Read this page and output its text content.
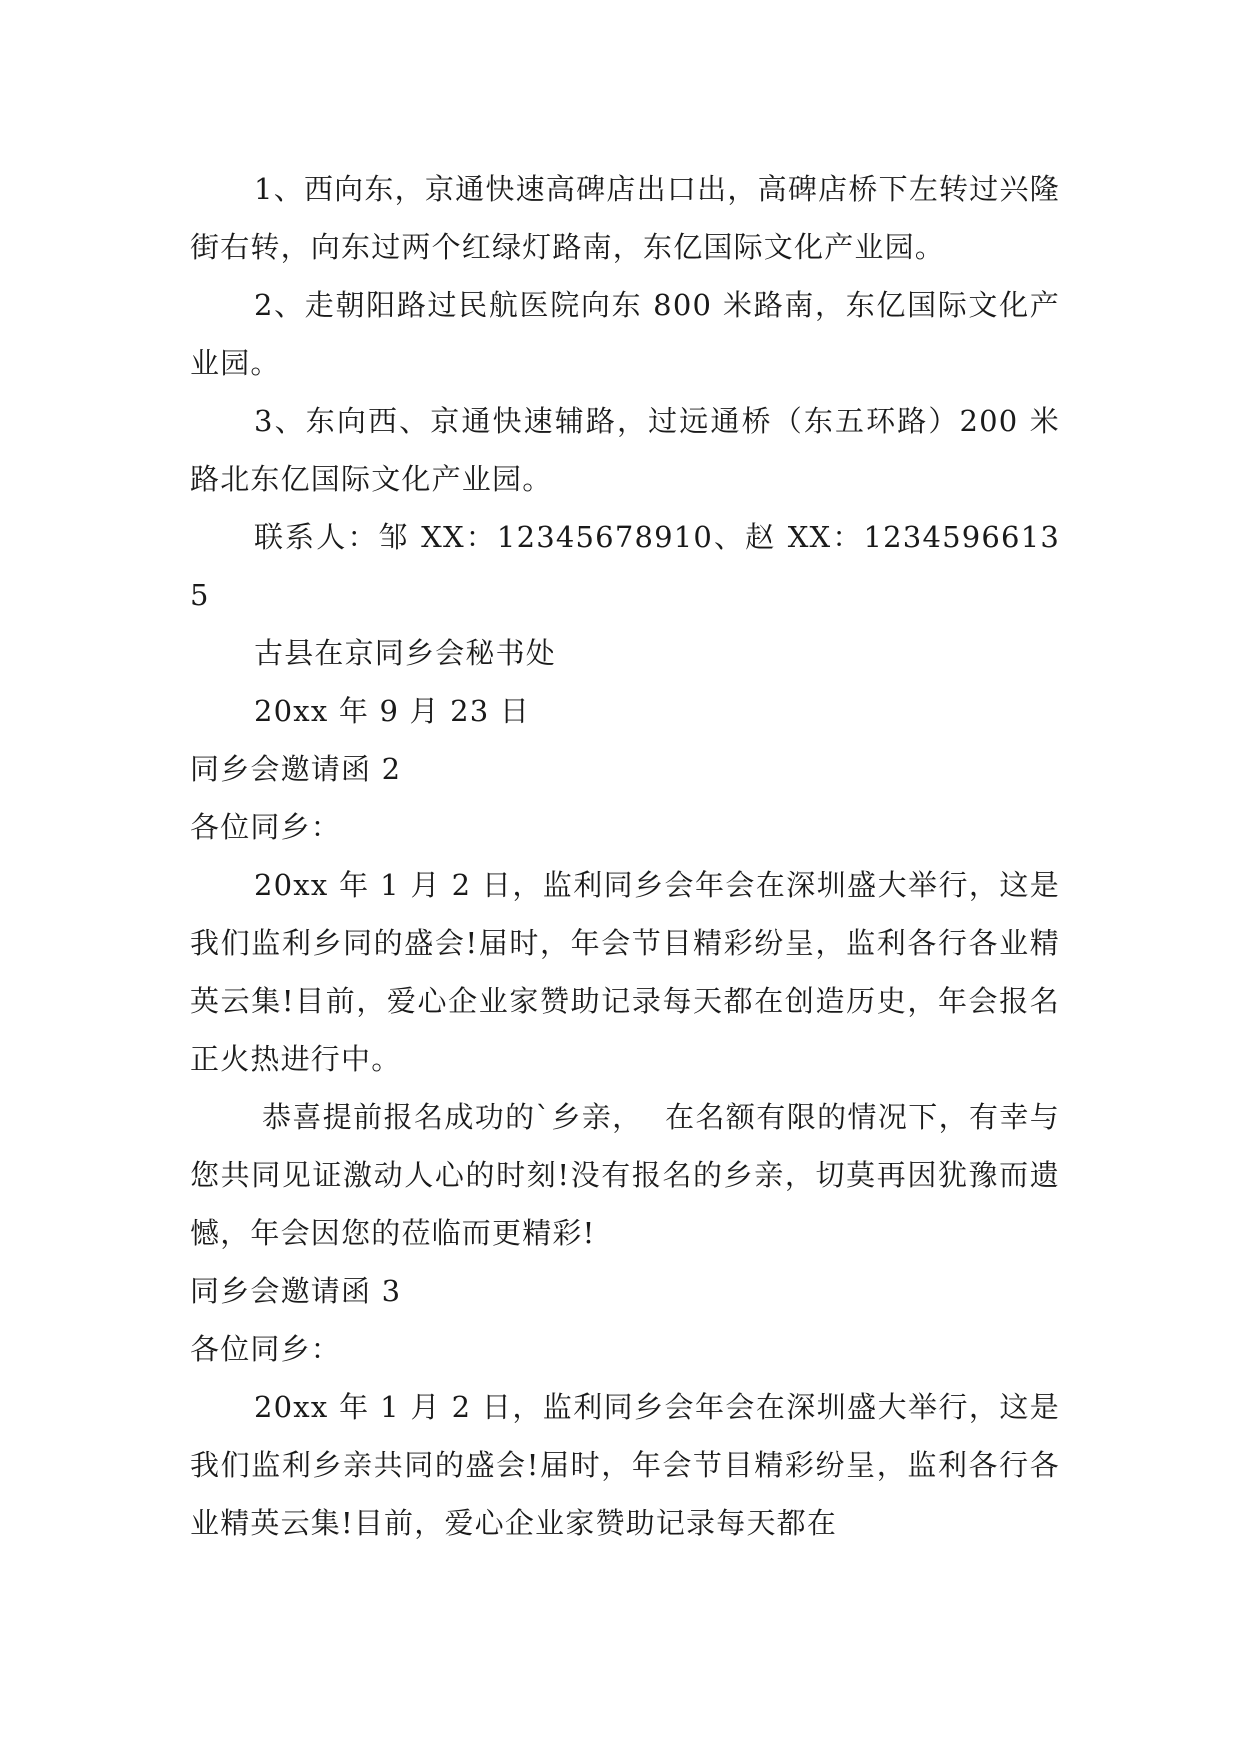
1、西向东，京通快速高碑店出口出，高碑店桥下左转过兴隆街右转，向东过两个红绿灯路南，东亿国际文化产业园。

2、走朝阳路过民航医院向东 800 米路南，东亿国际文化产业园。

3、东向西、京通快速辅路，过远通桥（东五环路）200 米路北东亿国际文化产业园。

联系人：邹 XX：12345678910、赵 XX：12345966135

古县在京同乡会秘书处

20xx 年 9 月 23 日

同乡会邀请函 2

各位同乡：

20xx 年 1 月 2 日，监利同乡会年会在深圳盛大举行，这是我们监利乡同的盛会!届时，年会节目精彩纷呈，监利各行各业精英云集!目前，爱心企业家赞助记录每天都在创造历史，年会报名正火热进行中。

恭喜提前报名成功的`乡亲， 在名额有限的情况下，有幸与您共同见证激动人心的时刻!没有报名的乡亲，切莫再因犹豫而遗憾，年会因您的莅临而更精彩!

同乡会邀请函 3

各位同乡：

20xx 年 1 月 2 日，监利同乡会年会在深圳盛大举行，这是我们监利乡亲共同的盛会!届时，年会节目精彩纷呈，监利各行各业精英云集!目前，爱心企业家赞助记录每天都在
